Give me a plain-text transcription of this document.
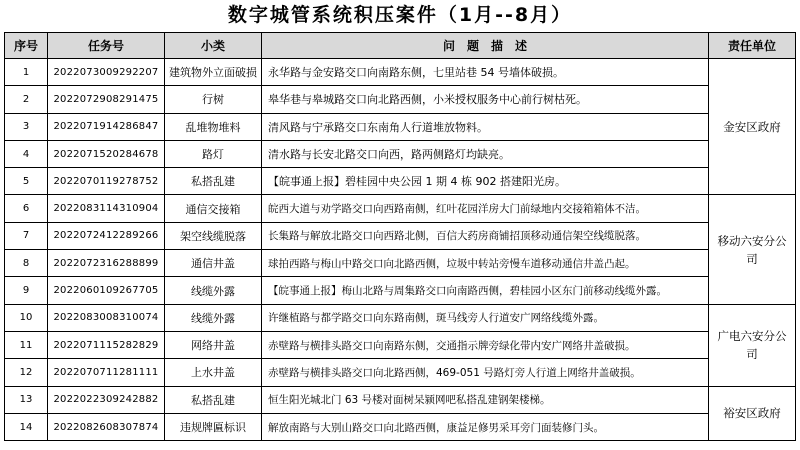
数字城管系统积压案件（1月--8月）
序号	任务号	小类	问　题　描　述	责任单位
1	2022073009292207	建筑物外立面破损	永华路与金安路交口向南路东侧，七里站巷 54 号墙体破损。	金安区政府
2	2022072908291475	行树	皋华巷与皋城路交口向北路西侧，小米授权服务中心前行树枯死。	
3	2022071914286847	乱堆物堆料	清风路与宁承路交口东南角人行道堆放物料。	
4	2022071520284678	路灯	清水路与长安北路交口向西，路两侧路灯均缺亮。	
5	2022070119278752	私搭乱建	【皖事通上报】碧桂园中央公园 1 期 4 栋 902 搭建阳光房。	
6	2022083114310904	通信交接箱	皖西大道与劝学路交口向西路南侧，红叶花园洋房大门前绿地内交接箱箱体不洁。	移动六安分公司
7	2022072412289266	架空线缆脱落	长集路与解放北路交口向西路北侧，百信大药房商铺招顶移动通信架空线缆脱落。	
8	2022072316288899	通信井盖	球拍西路与梅山中路交口向北路西侧，垃圾中转站旁慢车道移动通信井盖凸起。	
9	2022060109267705	线缆外露	【皖事通上报】梅山北路与周集路交口向南路西侧，碧桂园小区东门前移动线缆外露。	
10	2022083008310074	线缆外露	许继植路与都学路交口向东路南侧，斑马线旁人行道安广网络线缆外露。	广电六安分公司
11	2022071115282829	网络井盖	赤壁路与横排头路交口向南路东侧，交通指示牌旁绿化带内安广网络井盖破损。	
12	2022070711281111	上水井盖	赤壁路与横排头路交口向北路西侧，469-051 号路灯旁人行道上网络井盖破损。	
13	2022022309242882	私搭乱建	恒生阳光城北门 63 号楼对面树呆颍网吧私搭乱建钢架楼梯。	裕安区政府
14	2022082608307874	违规牌匾标识	解放南路与大别山路交口向北路西侧，康益足修男采耳旁门面装修门头。	
